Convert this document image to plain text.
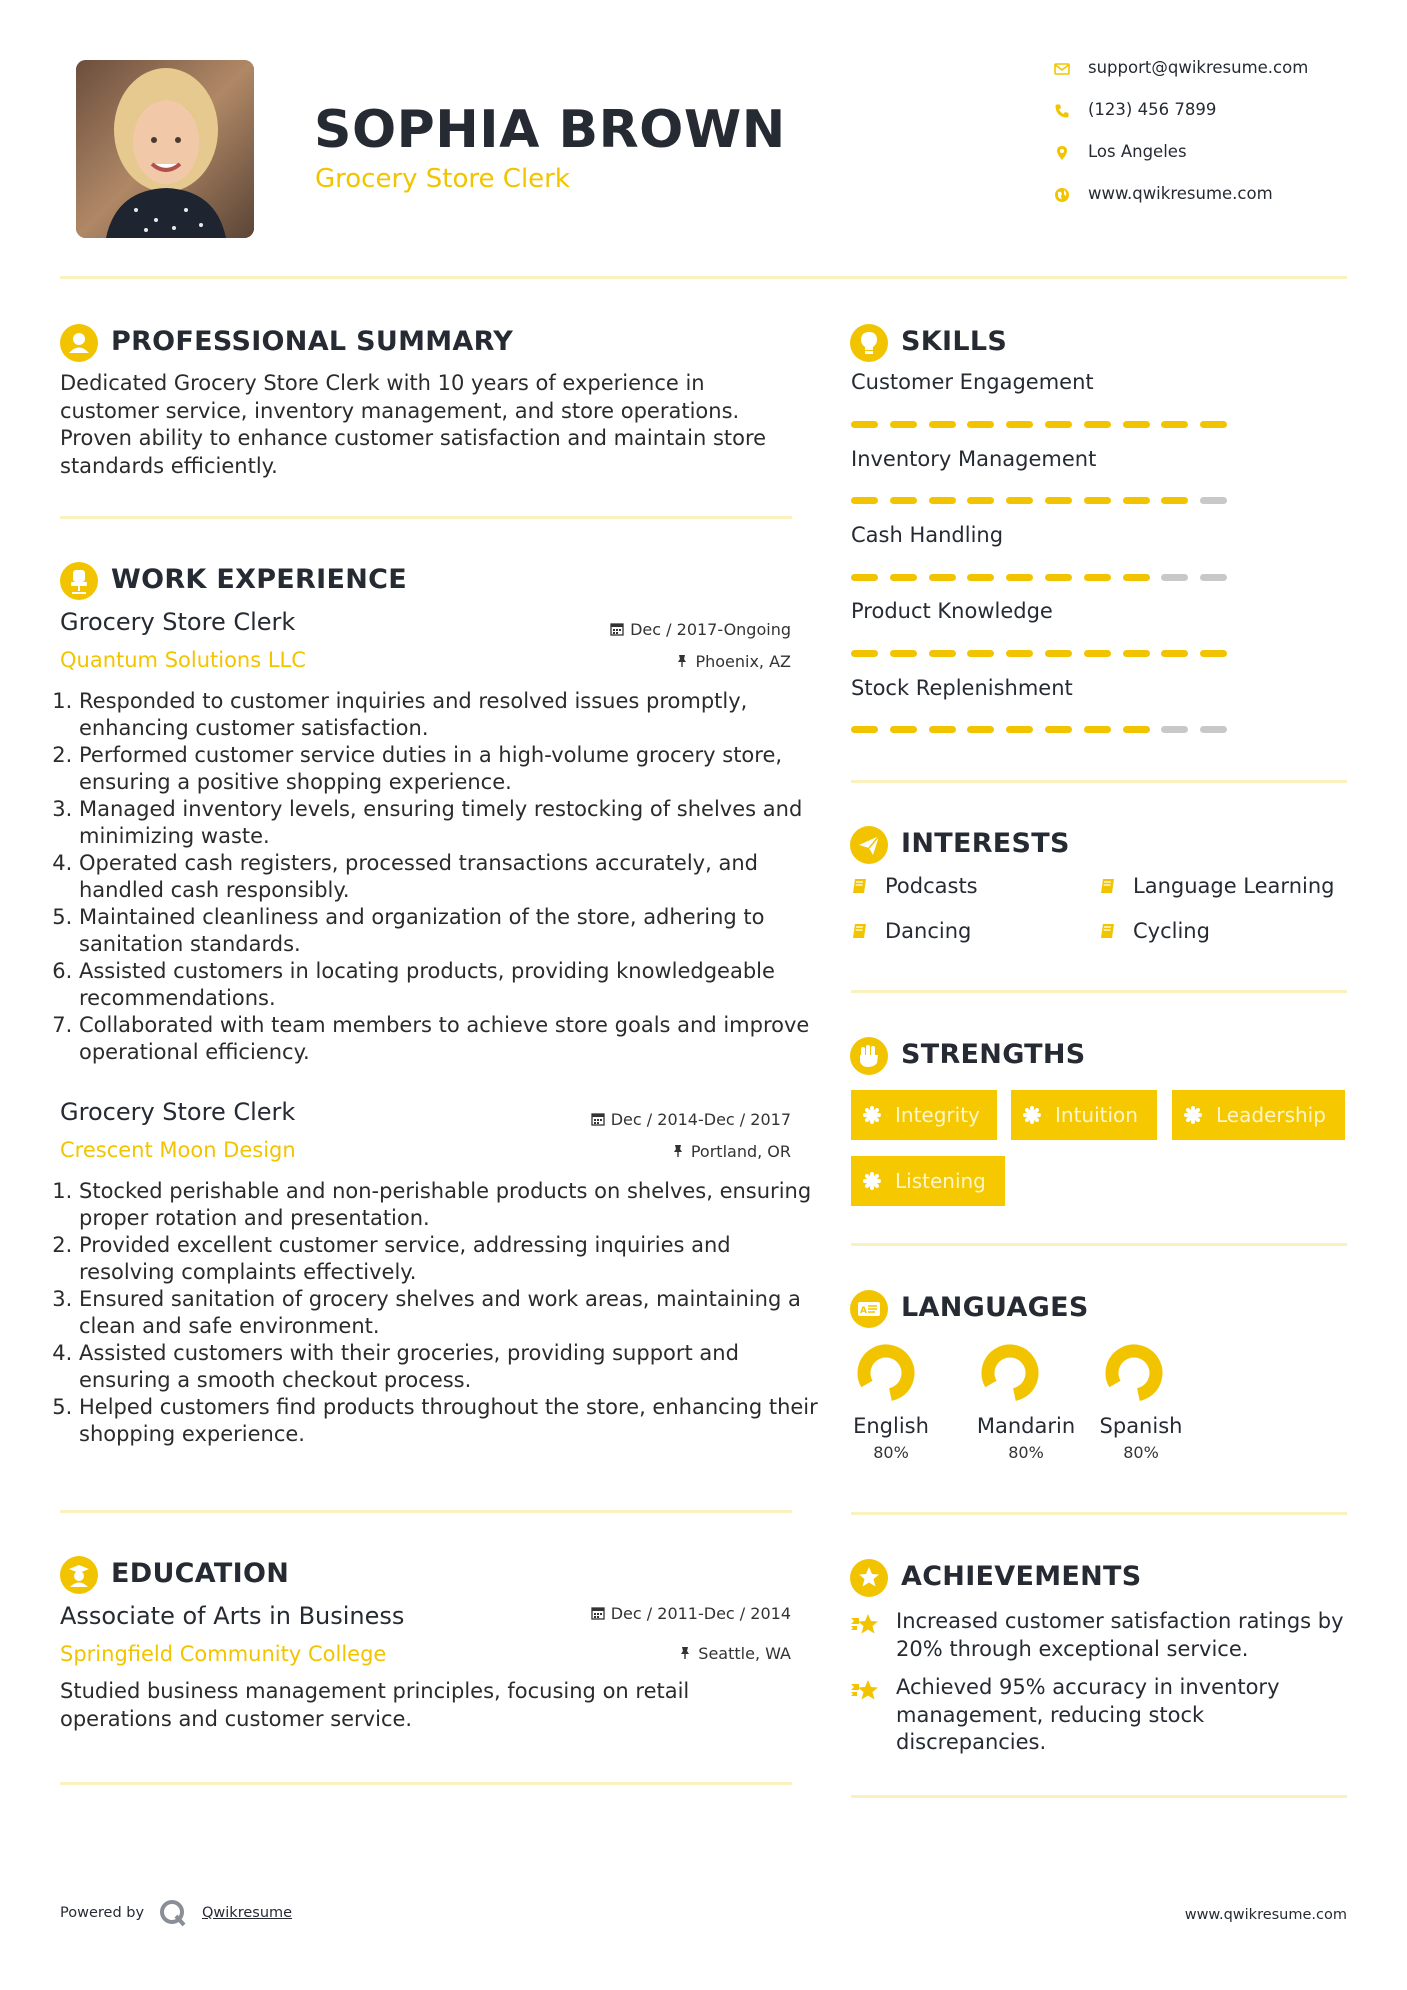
SOPHIA BROWN
Grocery Store Clerk
support@qwikresume.com
(123) 456 7899
Los Angeles
www.qwikresume.com
PROFESSIONAL SUMMARY
Dedicated Grocery Store Clerk with 10 years of experience in customer service, inventory management, and store operations. Proven ability to enhance customer satisfaction and maintain store standards efficiently.
WORK EXPERIENCE
Grocery Store Clerk
Quantum Solutions LLC
Dec / 2017-Ongoing
Phoenix, AZ
1. Responded to customer inquiries and resolved issues promptly, enhancing customer satisfaction.
2. Performed customer service duties in a high-volume grocery store, ensuring a positive shopping experience.
3. Managed inventory levels, ensuring timely restocking of shelves and minimizing waste.
4. Operated cash registers, processed transactions accurately, and handled cash responsibly.
5. Maintained cleanliness and organization of the store, adhering to sanitation standards.
6. Assisted customers in locating products, providing knowledgeable recommendations.
7. Collaborated with team members to achieve store goals and improve operational efficiency.
Grocery Store Clerk
Crescent Moon Design
Dec / 2014-Dec / 2017
Portland, OR
1. Stocked perishable and non-perishable products on shelves, ensuring proper rotation and presentation.
2. Provided excellent customer service, addressing inquiries and resolving complaints effectively.
3. Ensured sanitation of grocery shelves and work areas, maintaining a clean and safe environment.
4. Assisted customers with their groceries, providing support and ensuring a smooth checkout process.
5. Helped customers find products throughout the store, enhancing their shopping experience.
EDUCATION
Associate of Arts in Business
Springfield Community College
Dec / 2011-Dec / 2014
Seattle, WA
Studied business management principles, focusing on retail operations and customer service.
SKILLS
Customer Engagement
Inventory Management
Cash Handling
Product Knowledge
Stock Replenishment
INTERESTS
Podcasts	Language Learning
Dancing	Cycling
STRENGTHS
Integrity	Intuition	Leadership
Listening
A LANGUAGES
English
80%
Mandarin
80%
Spanish
80%
ACHIEVEMENTS
Increased customer satisfaction ratings by 20% through exceptional service.
Achieved 95% accuracy in inventory management, reducing stock discrepancies.
Powered by	Qwikresume	www.qwikresume.com
